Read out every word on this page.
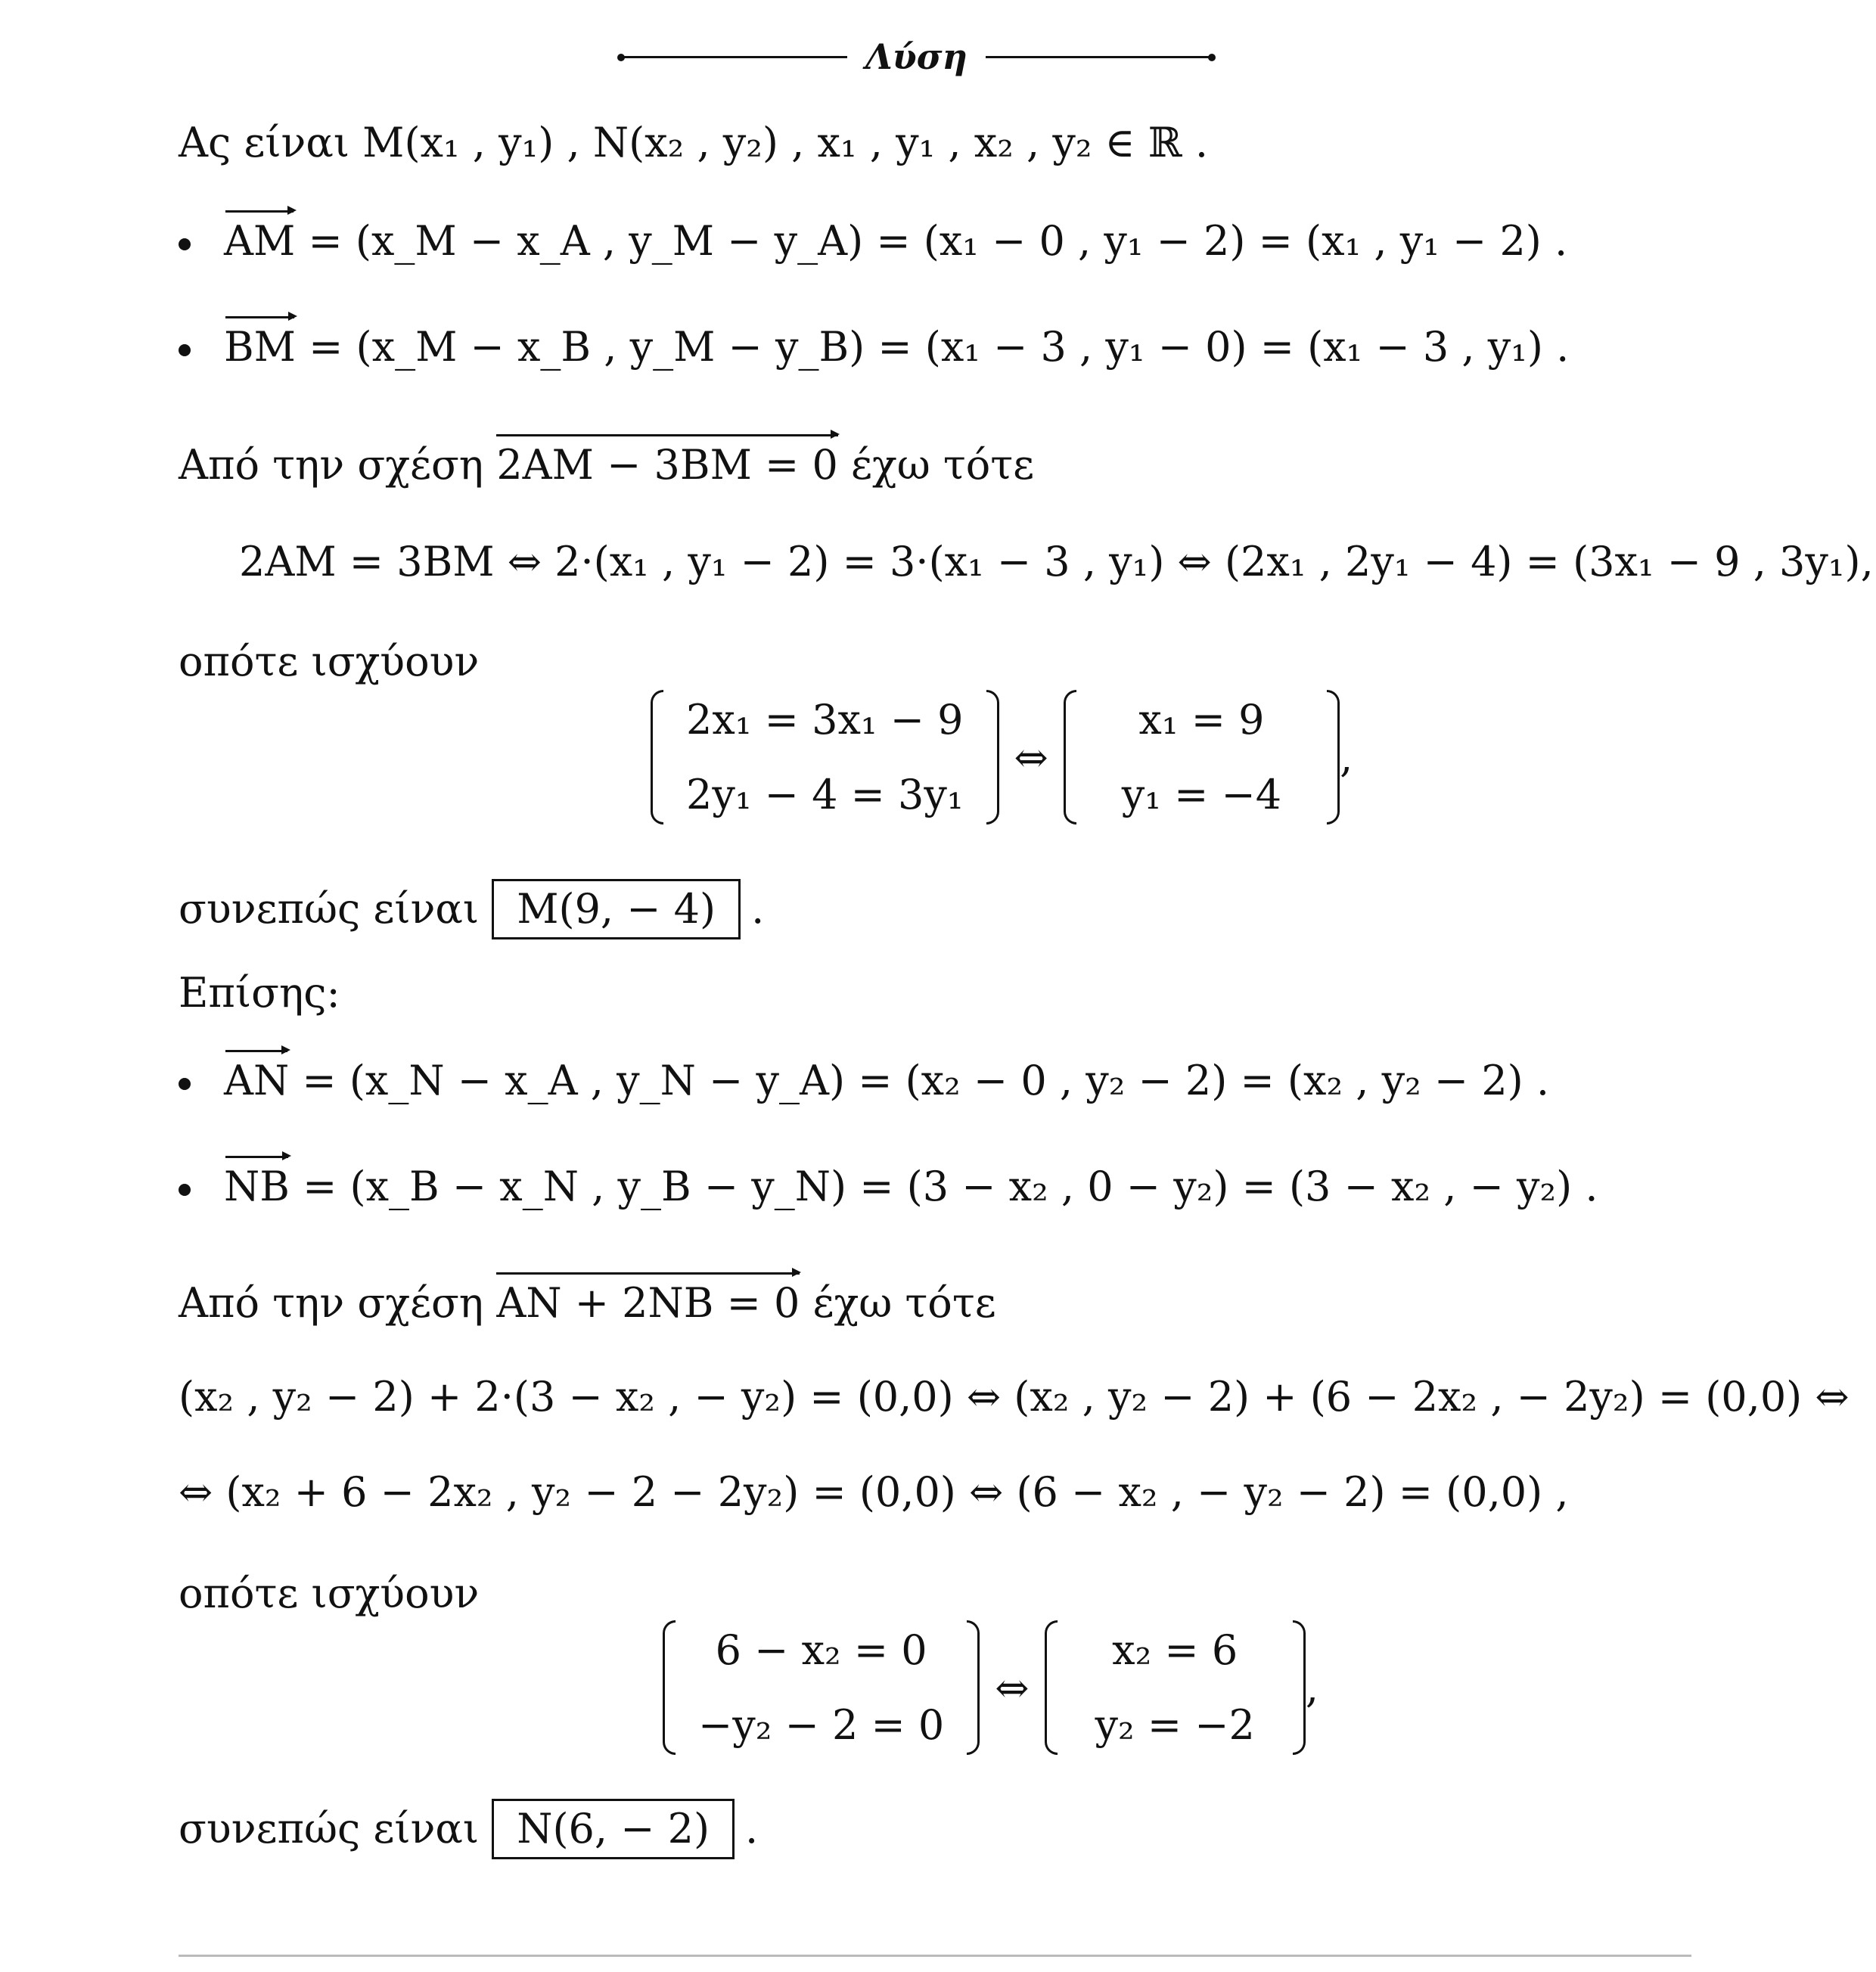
Λύση
Ας είναι M(x₁ , y₁) , N(x₂ , y₂) , x₁ , y₁ , x₂ , y₂ ∈ ℝ .
AM = (x_M − x_A , y_M − y_A) = (x₁ − 0 , y₁ − 2) = (x₁ , y₁ − 2) .
BM = (x_M − x_B , y_M − y_B) = (x₁ − 3 , y₁ − 0) = (x₁ − 3 , y₁) .
Από την σχέση 2AM − 3BM = 0 έχω τότε
2AM = 3BM ⇔ 2·(x₁ , y₁ − 2) = 3·(x₁ − 3 , y₁) ⇔ (2x₁ , 2y₁ − 4) = (3x₁ − 9 , 3y₁),
οπότε ισχύουν
2x₁ = 3x₁ − 9
2y₁ − 4 = 3y₁
⇔
x₁ = 9
y₁ = −4
,
συνεπώς είναι M(9, − 4) .
Επίσης:
AN = (x_N − x_A , y_N − y_A) = (x₂ − 0 , y₂ − 2) = (x₂ , y₂ − 2) .
NB = (x_B − x_N , y_B − y_N) = (3 − x₂ , 0 − y₂) = (3 − x₂ , − y₂) .
Από την σχέση AN + 2NB = 0 έχω τότε
(x₂ , y₂ − 2) + 2·(3 − x₂ , − y₂) = (0,0) ⇔ (x₂ , y₂ − 2) + (6 − 2x₂ , − 2y₂) = (0,0) ⇔
⇔ (x₂ + 6 − 2x₂ , y₂ − 2 − 2y₂) = (0,0) ⇔ (6 − x₂ , − y₂ − 2) = (0,0) ,
οπότε ισχύουν
6 − x₂ = 0
−y₂ − 2 = 0
⇔
x₂ = 6
y₂ = −2
,
συνεπώς είναι N(6, − 2) .
